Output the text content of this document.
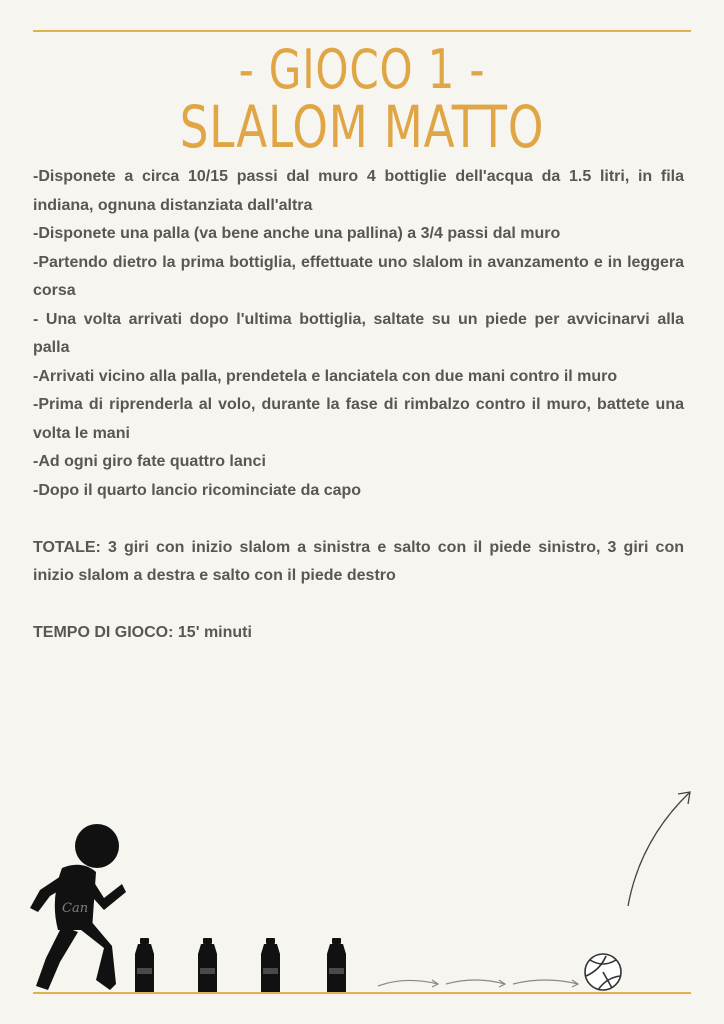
- GIOCO 1 -
SLALOM MATTO

-Disponete a circa 10/15 passi dal muro 4 bottiglie dell'acqua da 1.5 litri, in fila indiana, ognuna distanziata dall'altra

-Disponete una palla (va bene anche una pallina) a 3/4 passi dal muro

-Partendo dietro la prima bottiglia, effettuate uno slalom in avanzamento e in leggera corsa

- Una volta arrivati dopo l'ultima bottiglia, saltate su un piede per avvicinarvi alla palla

-Arrivati vicino alla palla, prendetela e lanciatela con due mani contro il muro

-Prima di riprenderla al volo, durante la fase di rimbalzo contro il muro, battete una volta le mani

-Ad ogni giro fate quattro lanci

-Dopo il quarto lancio ricominciate da capo

TOTALE: 3 giri con inizio slalom a sinistra e salto con il piede sinistro, 3 giri con inizio slalom a destra e salto con il piede destro

TEMPO DI GIOCO: 15' minuti

Can
